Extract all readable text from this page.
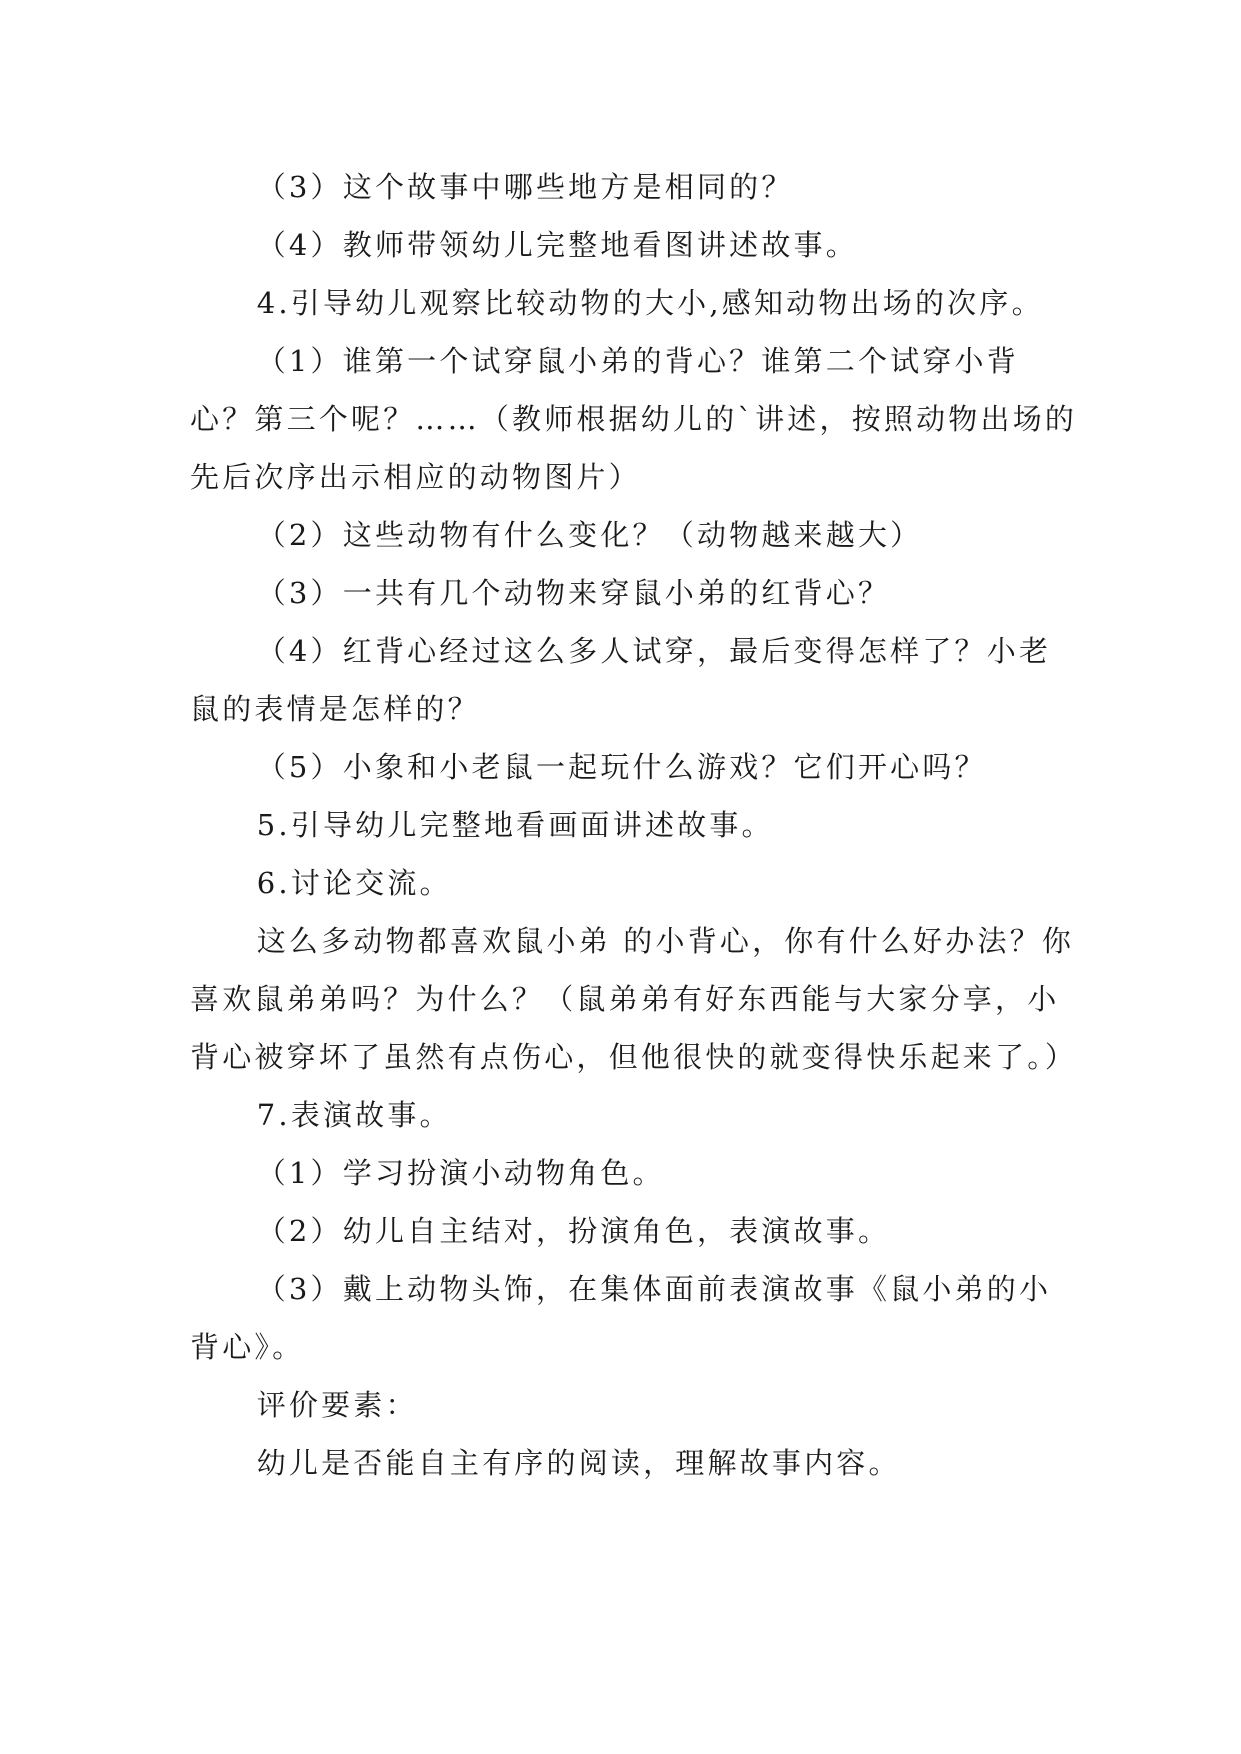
（3）这个故事中哪些地方是相同的？

（4）教师带领幼儿完整地看图讲述故事。

4.引导幼儿观察比较动物的大小,感知动物出场的次序。

（1）谁第一个试穿鼠小弟的背心？谁第二个试穿小背心？第三个呢？……（教师根据幼儿的`讲述，按照动物出场的先后次序出示相应的动物图片）

（2）这些动物有什么变化？（动物越来越大）

（3）一共有几个动物来穿鼠小弟的红背心？

（4）红背心经过这么多人试穿，最后变得怎样了？小老鼠的表情是怎样的？

（5）小象和小老鼠一起玩什么游戏？它们开心吗？

5.引导幼儿完整地看画面讲述故事。

6.讨论交流。

这么多动物都喜欢鼠小弟 的小背心，你有什么好办法？你喜欢鼠弟弟吗？为什么？（鼠弟弟有好东西能与大家分享，小背心被穿坏了虽然有点伤心，但他很快的就变得快乐起来了。）

7.表演故事。

（1）学习扮演小动物角色。

（2）幼儿自主结对，扮演角色，表演故事。

（3）戴上动物头饰，在集体面前表演故事《鼠小弟的小背心》。

评价要素：

幼儿是否能自主有序的阅读，理解故事内容。
